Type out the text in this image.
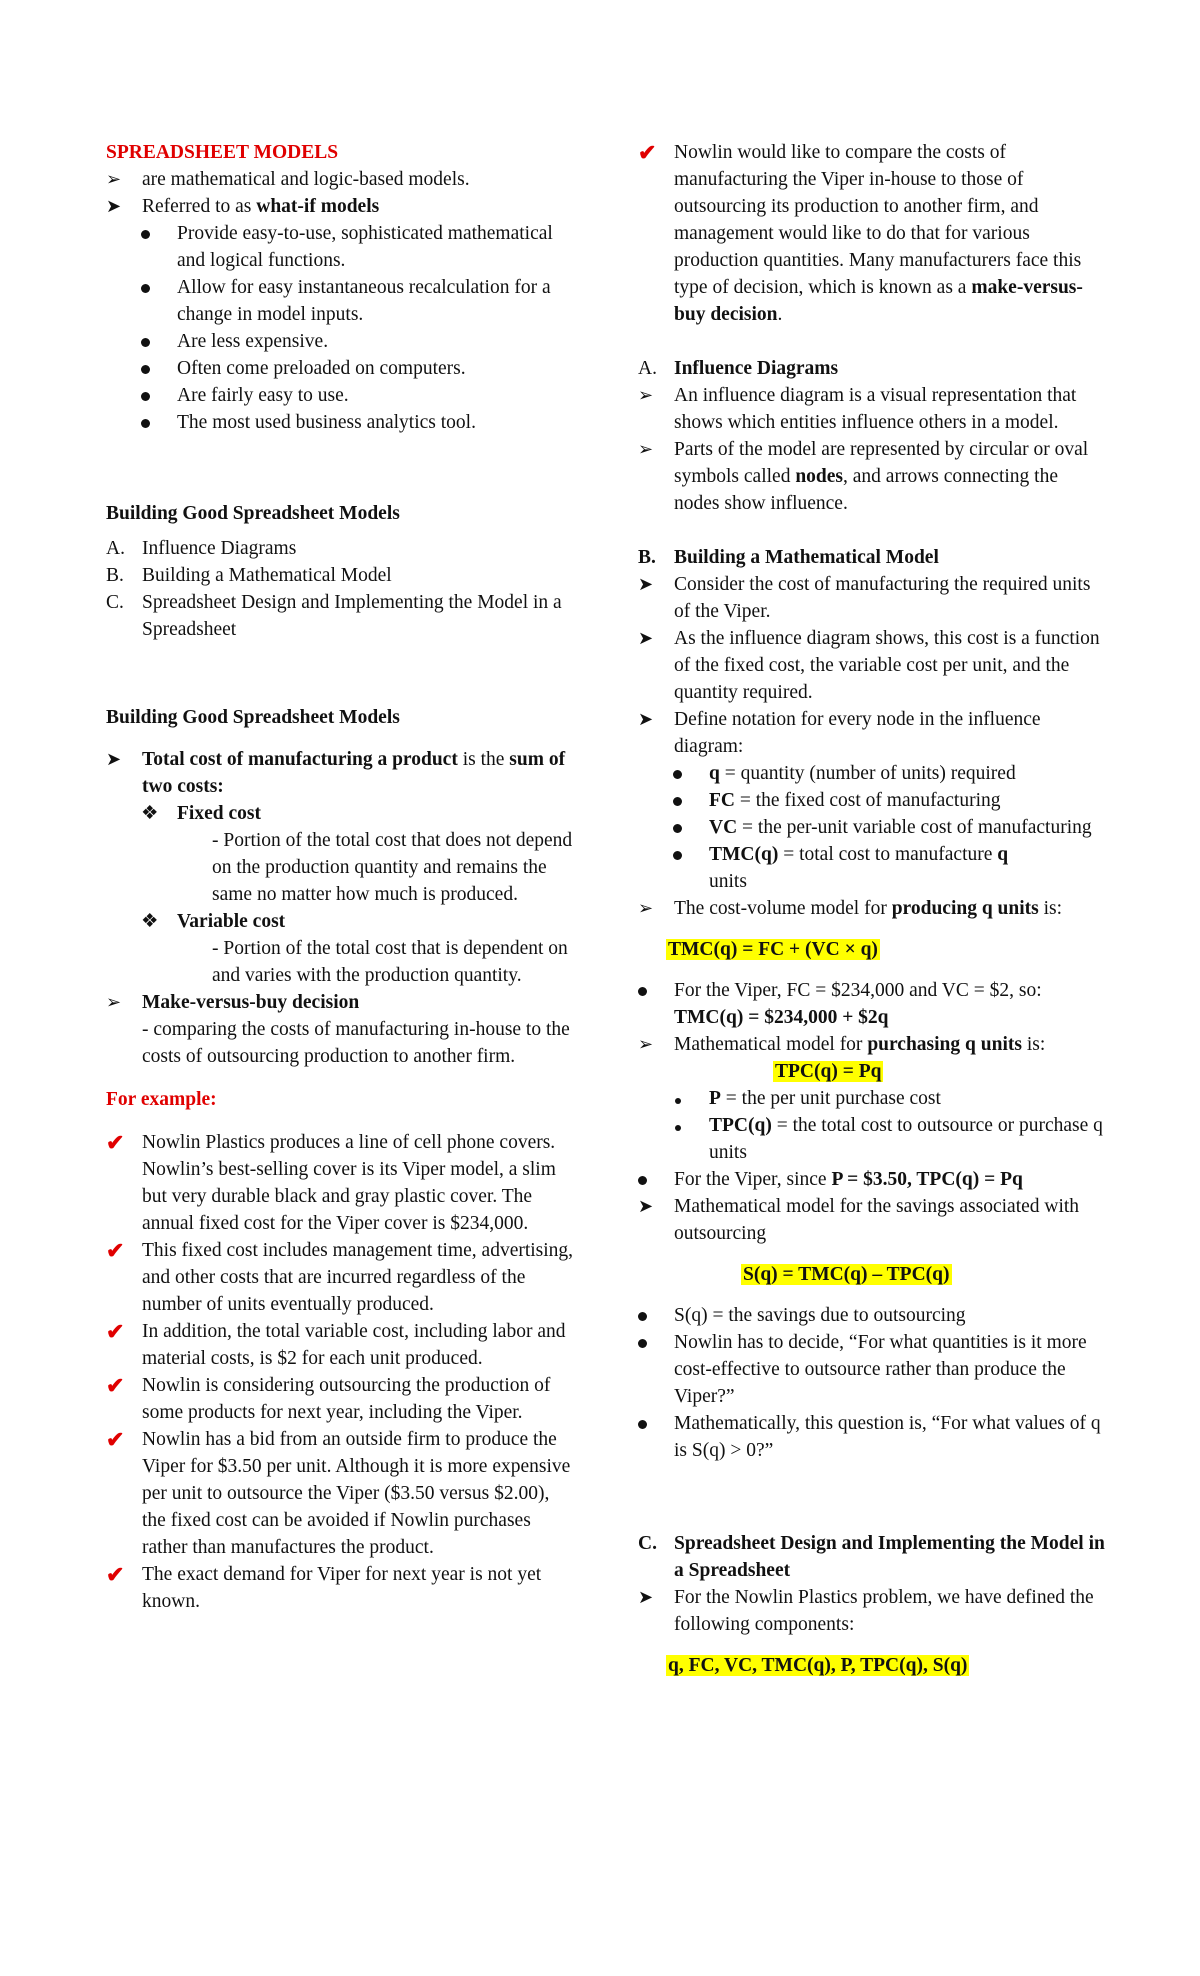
SPREADSHEET MODELS

➢	are mathematical and logic-based models.
➤	Referred to as what-if models
Provide easy-to-use, sophisticated mathematical and logical functions.
Allow for easy instantaneous recalculation for a change in model inputs.
Are less expensive.
Often come preloaded on computers.
Are fairly easy to use.
The most used business analytics tool.

Building Good Spreadsheet Models

A. Influence Diagrams
B. Building a Mathematical Model
C. Spreadsheet Design and Implementing the Model in a Spreadsheet

Building Good Spreadsheet Models

➤	Total cost of manufacturing a product is the sum of two costs:
❖ Fixed cost

- Portion of the total cost that does not depend on the production quantity and remains the same no matter how much is produced.

❖ Variable cost

- Portion of the total cost that is dependent on and varies with the production quantity.

➢	Make-versus-buy decision

- comparing the costs of manufacturing in-house to the costs of outsourcing production to another firm.

For example:

✔ Nowlin Plastics produces a line of cell phone covers. Nowlin’s best-selling cover is its Viper model, a slim but very durable black and gray plastic cover. The annual fixed cost for the Viper cover is $234,000.
✔ This fixed cost includes management time, advertising, and other costs that are incurred regardless of the number of units eventually produced.
✔ In addition, the total variable cost, including labor and material costs, is $2 for each unit produced.
✔ Nowlin is considering outsourcing the production of some products for next year, including the Viper.
✔ Nowlin has a bid from an outside firm to produce the Viper for $3.50 per unit. Although it is more expensive per unit to outsource the Viper ($3.50 versus $2.00), the fixed cost can be avoided if Nowlin purchases rather than manufactures the product.
✔ The exact demand for Viper for next year is not yet known.
✔ Nowlin would like to compare the costs of manufacturing the Viper in-house to those of outsourcing its production to another firm, and management would like to do that for various production quantities. Many manufacturers face this type of decision, which is known as a make-versus-buy decision.
A. Influence Diagrams
➢	An influence diagram is a visual representation that shows which entities influence others in a model.
➢	Parts of the model are represented by circular or oval symbols called nodes, and arrows connecting the nodes show influence.
B. Building a Mathematical Model
➤	Consider the cost of manufacturing the required units of the Viper.
➤	As the influence diagram shows, this cost is a function of the fixed cost, the variable cost per unit, and the quantity required.
➤	Define notation for every node in the influence diagram:
q = quantity (number of units) required
FC = the fixed cost of manufacturing
VC = the per-unit variable cost of manufacturing
TMC(q) = total cost to manufacture q
units
➢	The cost-volume model for producing q units is:

TMC(q) = FC + (VC × q)

For the Viper, FC = $234,000 and VC = $2, so: TMC(q) = $234,000 + $2q
➢	Mathematical model for purchasing q units is:

TPC(q) = Pq

P = the per unit purchase cost
TPC(q) = the total cost to outsource or purchase q units
For the Viper, since P = $3.50, TPC(q) = Pq
➤	Mathematical model for the savings associated with outsourcing

S(q) = TMC(q) – TPC(q)

S(q) = the savings due to outsourcing
Nowlin has to decide, “For what quantities is it more cost-effective to outsource rather than produce the Viper?”
Mathematically, this question is, “For what values of q is S(q) > 0?”
C. Spreadsheet Design and Implementing the Model in a Spreadsheet
➤	For the Nowlin Plastics problem, we have defined the following components:

q, FC, VC, TMC(q), P, TPC(q), S(q)
